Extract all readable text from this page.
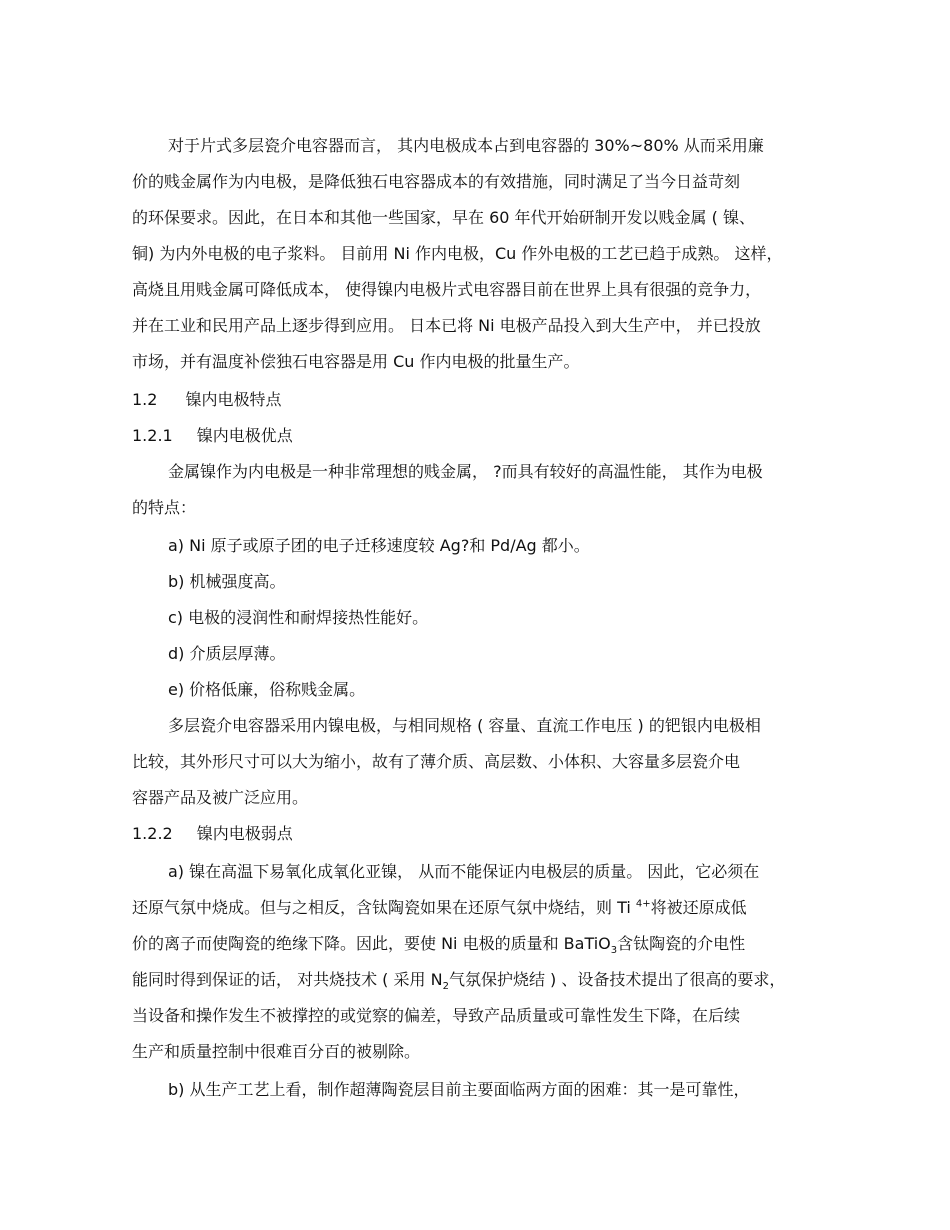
对于片式多层瓷介电容器而言， 其内电极成本占到电容器的 30%~80% 从而采用廉
价的贱金属作为内电极，是降低独石电容器成本的有效措施，同时满足了当今日益苛刻
的环保要求。因此，在日本和其他一些国家，早在 60 年代开始研制开发以贱金属 ( 镍、
铜) 为内外电极的电子浆料。 目前用 Ni 作内电极，Cu 作外电极的工艺已趋于成熟。 这样，
高烧且用贱金属可降低成本， 使得镍内电极片式电容器目前在世界上具有很强的竞争力，
并在工业和民用产品上逐步得到应用。 日本已将 Ni 电极产品投入到大生产中， 并已投放
市场，并有温度补偿独石电容器是用 Cu 作内电极的批量生产。
1.2 镍内电极特点
1.2.1 镍内电极优点
金属镍作为内电极是一种非常理想的贱金属， ?而具有较好的高温性能， 其作为电极
的特点：
a) Ni 原子或原子团的电子迁移速度较 Ag?和 Pd/Ag 都小。
b) 机械强度高。
c) 电极的浸润性和耐焊接热性能好。
d) 介质层厚薄。
e) 价格低廉，俗称贱金属。
多层瓷介电容器采用内镍电极，与相同规格 ( 容量、直流工作电压 ) 的钯银内电极相
比较，其外形尺寸可以大为缩小，故有了薄介质、高层数、小体积、大容量多层瓷介电
容器产品及被广泛应用。
1.2.2 镍内电极弱点
a) 镍在高温下易氧化成氧化亚镍， 从而不能保证内电极层的质量。 因此，它必须在
还原气氛中烧成。但与之相反，含钛陶瓷如果在还原气氛中烧结，则 Ti $^{4+}$将被还原成低
价的离子而使陶瓷的绝缘下降。因此，要使 Ni 电极的质量和 BaTiO$_3$含钛陶瓷的介电性
能同时得到保证的话， 对共烧技术 ( 采用 $N_2$气氛保护烧结 ) 、设备技术提出了很高的要求，
当设备和操作发生不被撑控的或觉察的偏差，导致产品质量或可靠性发生下降，在后续
生产和质量控制中很难百分百的被剔除。
b) 从生产工艺上看，制作超薄陶瓷层目前主要面临两方面的困难：其一是可靠性，
